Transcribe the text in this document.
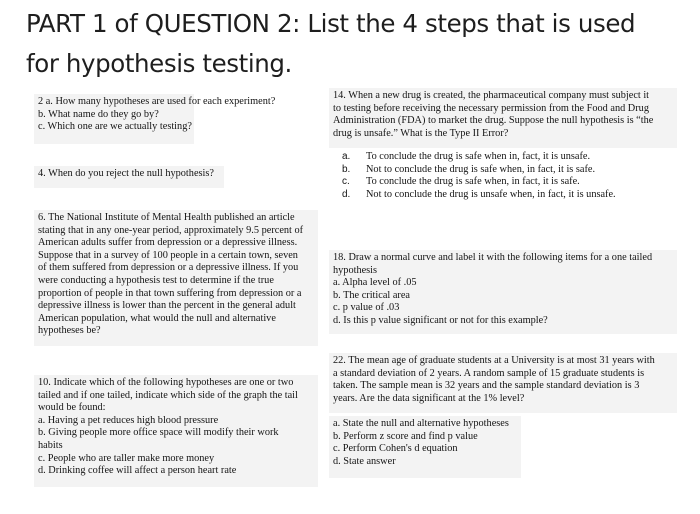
PART 1 of QUESTION 2: List the 4 steps that is used
for hypothesis testing.
2 a. How many hypotheses are used for each experiment?
b. What name do they go by?
c. Which one are we actually testing?
4. When do you reject the null hypothesis?
6. The National Institute of Mental Health published an article
stating that in any one-year period, approximately 9.5 percent of
American adults suffer from depression or a depressive illness.
Suppose that in a survey of 100 people in a certain town, seven
of them suffered from depression or a depressive illness. If you
were conducting a hypothesis test to determine if the true
proportion of people in that town suffering from depression or a
depressive illness is lower than the percent in the general adult
American population, what would the null and alternative
hypotheses be?
10. Indicate which of the following hypotheses are one or two
tailed and if one tailed, indicate which side of the graph the tail
would be found:
a. Having a pet reduces high blood pressure
b. Giving people more office space will modify their work
habits
c. People who are taller make more money
d. Drinking coffee will affect a person heart rate
14. When a new drug is created, the pharmaceutical company must subject it
to testing before receiving the necessary permission from the Food and Drug
Administration (FDA) to market the drug. Suppose the null hypothesis is “the
drug is unsafe.” What is the Type II Error?
a.	To conclude the drug is safe when in, fact, it is unsafe.
b.	Not to conclude the drug is safe when, in fact, it is safe.
c.	To conclude the drug is safe when, in fact, it is safe.
d.	Not to conclude the drug is unsafe when, in fact, it is unsafe.
18. Draw a normal curve and label it with the following items for a one tailed
hypothesis
a. Alpha level of .05
b. The critical area
c. p value of .03
d. Is this p value significant or not for this example?
22. The mean age of graduate students at a University is at most 31 years with
a standard deviation of 2 years. A random sample of 15 graduate students is
taken. The sample mean is 32 years and the sample standard deviation is 3
years. Are the data significant at the 1% level?
a. State the null and alternative hypotheses
b. Perform z score and find p value
c. Perform Cohen's d equation
d. State answer
